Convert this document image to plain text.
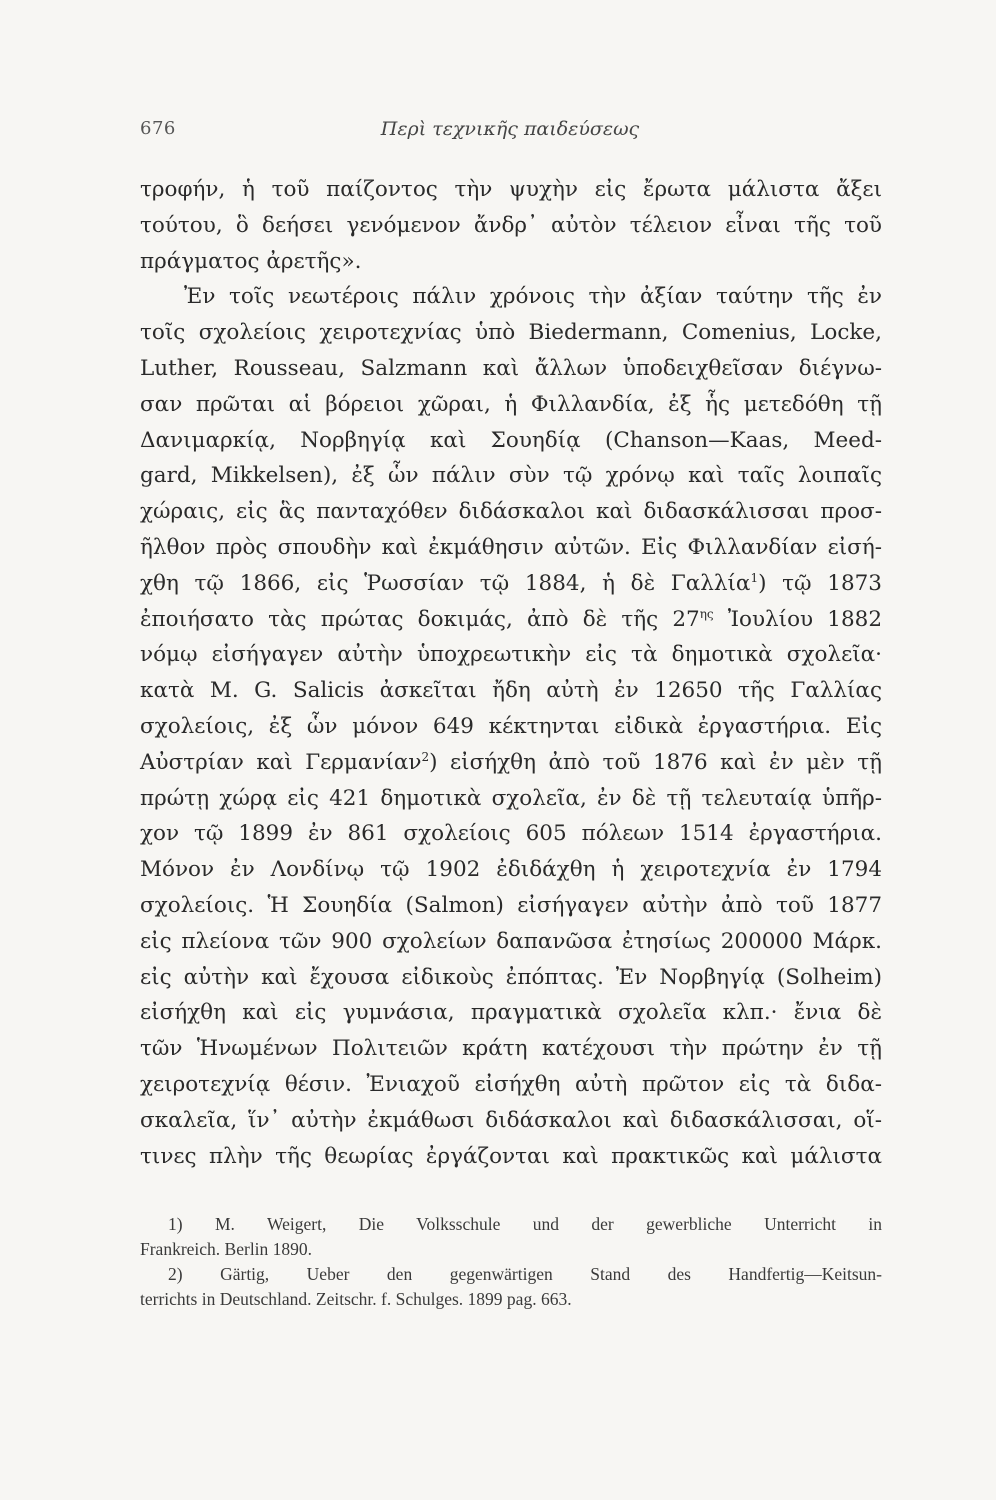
676	Περὶ τεχνικῆς παιδεύσεως
τροφήν, ἡ τοῦ παίζοντος τὴν ψυχὴν εἰς ἔρωτα μάλιστα ἄξει
τούτου, ὃ δεήσει γενόμενον ἄνδρ᾽ αὐτὸν τέλειον εἶναι τῆς τοῦ
πράγματος ἀρετῆς».
Ἐν τοῖς νεωτέροις πάλιν χρόνοις τὴν ἀξίαν ταύτην τῆς ἐν
τοῖς σχολείοις χειροτεχνίας ὑπὸ Biedermann, Comenius, Locke,
Luther, Rousseau, Salzmann καὶ ἄλλων ὑποδειχθεῖσαν διέγνω-
σαν πρῶται αἱ βόρειοι χῶραι, ἡ Φιλλανδία, ἐξ ἧς μετεδόθη τῇ
Δανιμαρκίᾳ, Νορβηγίᾳ καὶ Σουηδίᾳ (Chanson—Kaas, Meed-
gard, Mikkelsen), ἐξ ὧν πάλιν σὺν τῷ χρόνῳ καὶ ταῖς λοιπαῖς
χώραις, εἰς ἃς πανταχόθεν διδάσκαλοι καὶ διδασκάλισσαι προσ-
ῆλθον πρὸς σπουδὴν καὶ ἐκμάθησιν αὐτῶν. Εἰς Φιλλανδίαν εἰσή-
χθη τῷ 1866, εἰς Ῥωσσίαν τῷ 1884, ἡ δὲ Γαλλία$^1$) τῷ 1873
ἐποιήσατο τὰς πρώτας δοκιμάς, ἀπὸ δὲ τῆς $27^{\eta\varsigma}$ Ἰουλίου 1882
νόμῳ εἰσήγαγεν αὐτὴν ὑποχρεωτικὴν εἰς τὰ δημοτικὰ σχολεῖα·
κατὰ M. G. Salicis ἀσκεῖται ἤδη αὐτὴ ἐν 12650 τῆς Γαλλίας
σχολείοις, ἐξ ὧν μόνον 649 κέκτηνται εἰδικὰ ἐργαστήρια. Εἰς
Αὐστρίαν καὶ Γερμανίαν$^2$) εἰσήχθη ἀπὸ τοῦ 1876 καὶ ἐν μὲν τῇ
πρώτῃ χώρᾳ εἰς 421 δημοτικὰ σχολεῖα, ἐν δὲ τῇ τελευταίᾳ ὑπῆρ-
χον τῷ 1899 ἐν 861 σχολείοις 605 πόλεων 1514 ἐργαστήρια.
Μόνον ἐν Λονδίνῳ τῷ 1902 ἐδιδάχθη ἡ χειροτεχνία ἐν 1794
σχολείοις. Ἡ Σουηδία (Salmon) εἰσήγαγεν αὐτὴν ἀπὸ τοῦ 1877
εἰς πλείονα τῶν 900 σχολείων δαπανῶσα ἐτησίως 200000 Μάρκ.
εἰς αὐτὴν καὶ ἔχουσα εἰδικοὺς ἐπόπτας. Ἐν Νορβηγίᾳ (Solheim)
εἰσήχθη καὶ εἰς γυμνάσια, πραγματικὰ σχολεῖα κλπ.· ἔνια δὲ
τῶν Ἡνωμένων Πολιτειῶν κράτη κατέχουσι τὴν πρώτην ἐν τῇ
χειροτεχνίᾳ θέσιν. Ἐνιαχοῦ εἰσήχθη αὐτὴ πρῶτον εἰς τὰ διδα-
σκαλεῖα, ἵν᾽ αὐτὴν ἐκμάθωσι διδάσκαλοι καὶ διδασκάλισσαι, οἵ-
τινες πλὴν τῆς θεωρίας ἐργάζονται καὶ πρακτικῶς καὶ μάλιστα
1) M. Weigert, Die Volksschule und der gewerbliche Unterricht in
Frankreich. Berlin 1890.
2) Gärtig, Ueber den gegenwärtigen Stand des Handfertig—Keitsun-
terrichts in Deutschland. Zeitschr. f. Schulges. 1899 pag. 663.
